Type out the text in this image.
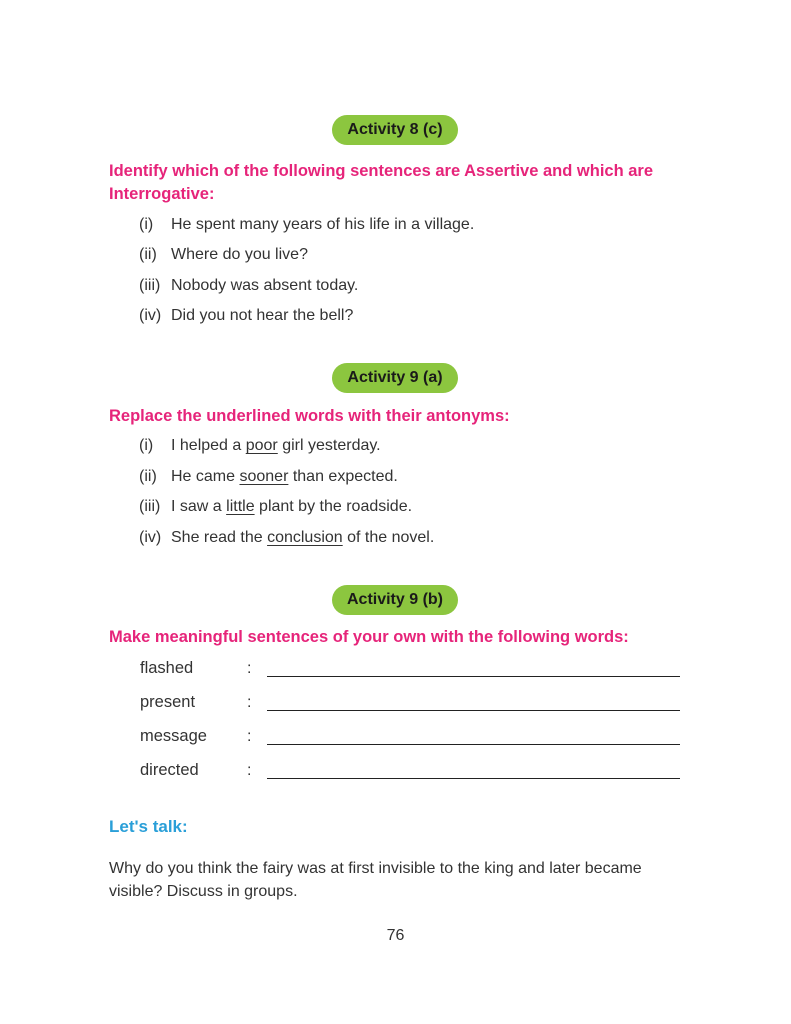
Activity 8 (c)
Identify which of the following sentences are Assertive and which are Interrogative:
(i) He spent many years of his life in a village.
(ii) Where do you live?
(iii) Nobody was absent today.
(iv) Did you not hear the bell?
Activity 9 (a)
Replace the underlined words with their antonyms:
(i) I helped a poor girl yesterday.
(ii) He came sooner than expected.
(iii) I saw a little plant by the roadside.
(iv) She read the conclusion of the novel.
Activity 9 (b)
Make meaningful sentences of your own with the following words:
flashed	:
present	:
message	:
directed	:
Let's talk:
Why do you think the fairy was at first invisible to the king and later became visible? Discuss in groups.
76
